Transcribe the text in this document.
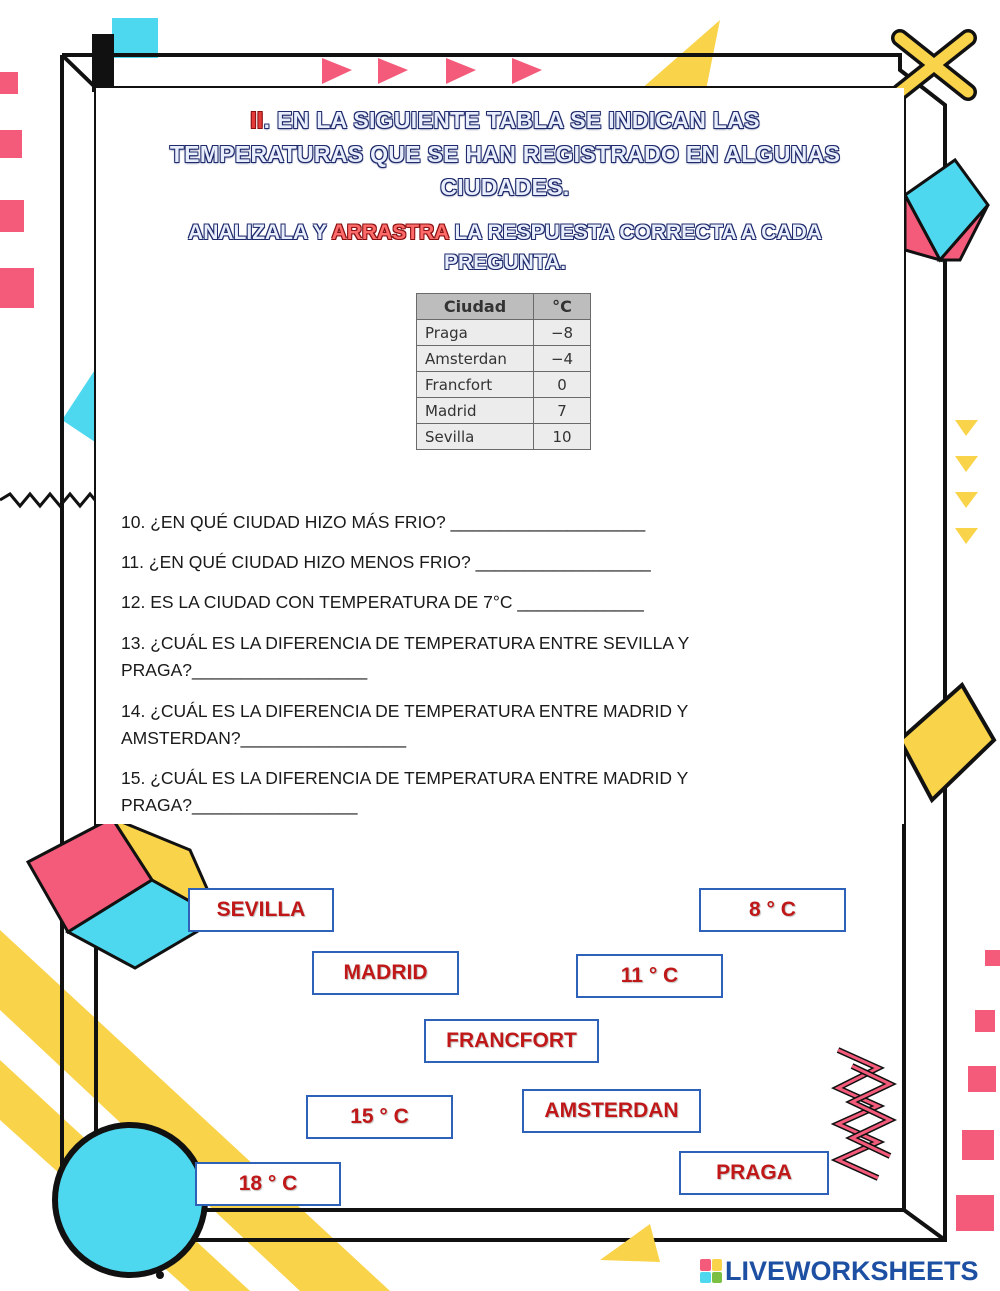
II. EN LA SIGUIENTE TABLA SE INDICAN LAS
TEMPERATURAS QUE SE HAN REGISTRADO EN ALGUNAS
CIUDADES.
ANALIZALA Y ARRASTRA LA RESPUESTA CORRECTA A CADA
PREGUNTA.
Ciudad	°C
Praga	−8
Amsterdan	−4
Francfort	0
Madrid	7
Sevilla	10
10. ¿EN QUÉ CIUDAD HIZO MÁS FRIO? ____________________
11. ¿EN QUÉ CIUDAD HIZO MENOS FRIO? __________________
12. ES LA CIUDAD CON TEMPERATURA DE 7°C _____________
13. ¿CUÁL ES LA DIFERENCIA DE TEMPERATURA ENTRE SEVILLA Y
PRAGA?__________________
14. ¿CUÁL ES LA DIFERENCIA DE TEMPERATURA ENTRE MADRID Y
AMSTERDAN?_________________
15. ¿CUÁL ES LA DIFERENCIA DE TEMPERATURA ENTRE MADRID Y
PRAGA?_________________
SEVILLA	8 ° C
MADRID	11 ° C
FRANCFORT
15 ° C	AMSTERDAN
18 ° C	PRAGA
LIVEWORKSHEETS
